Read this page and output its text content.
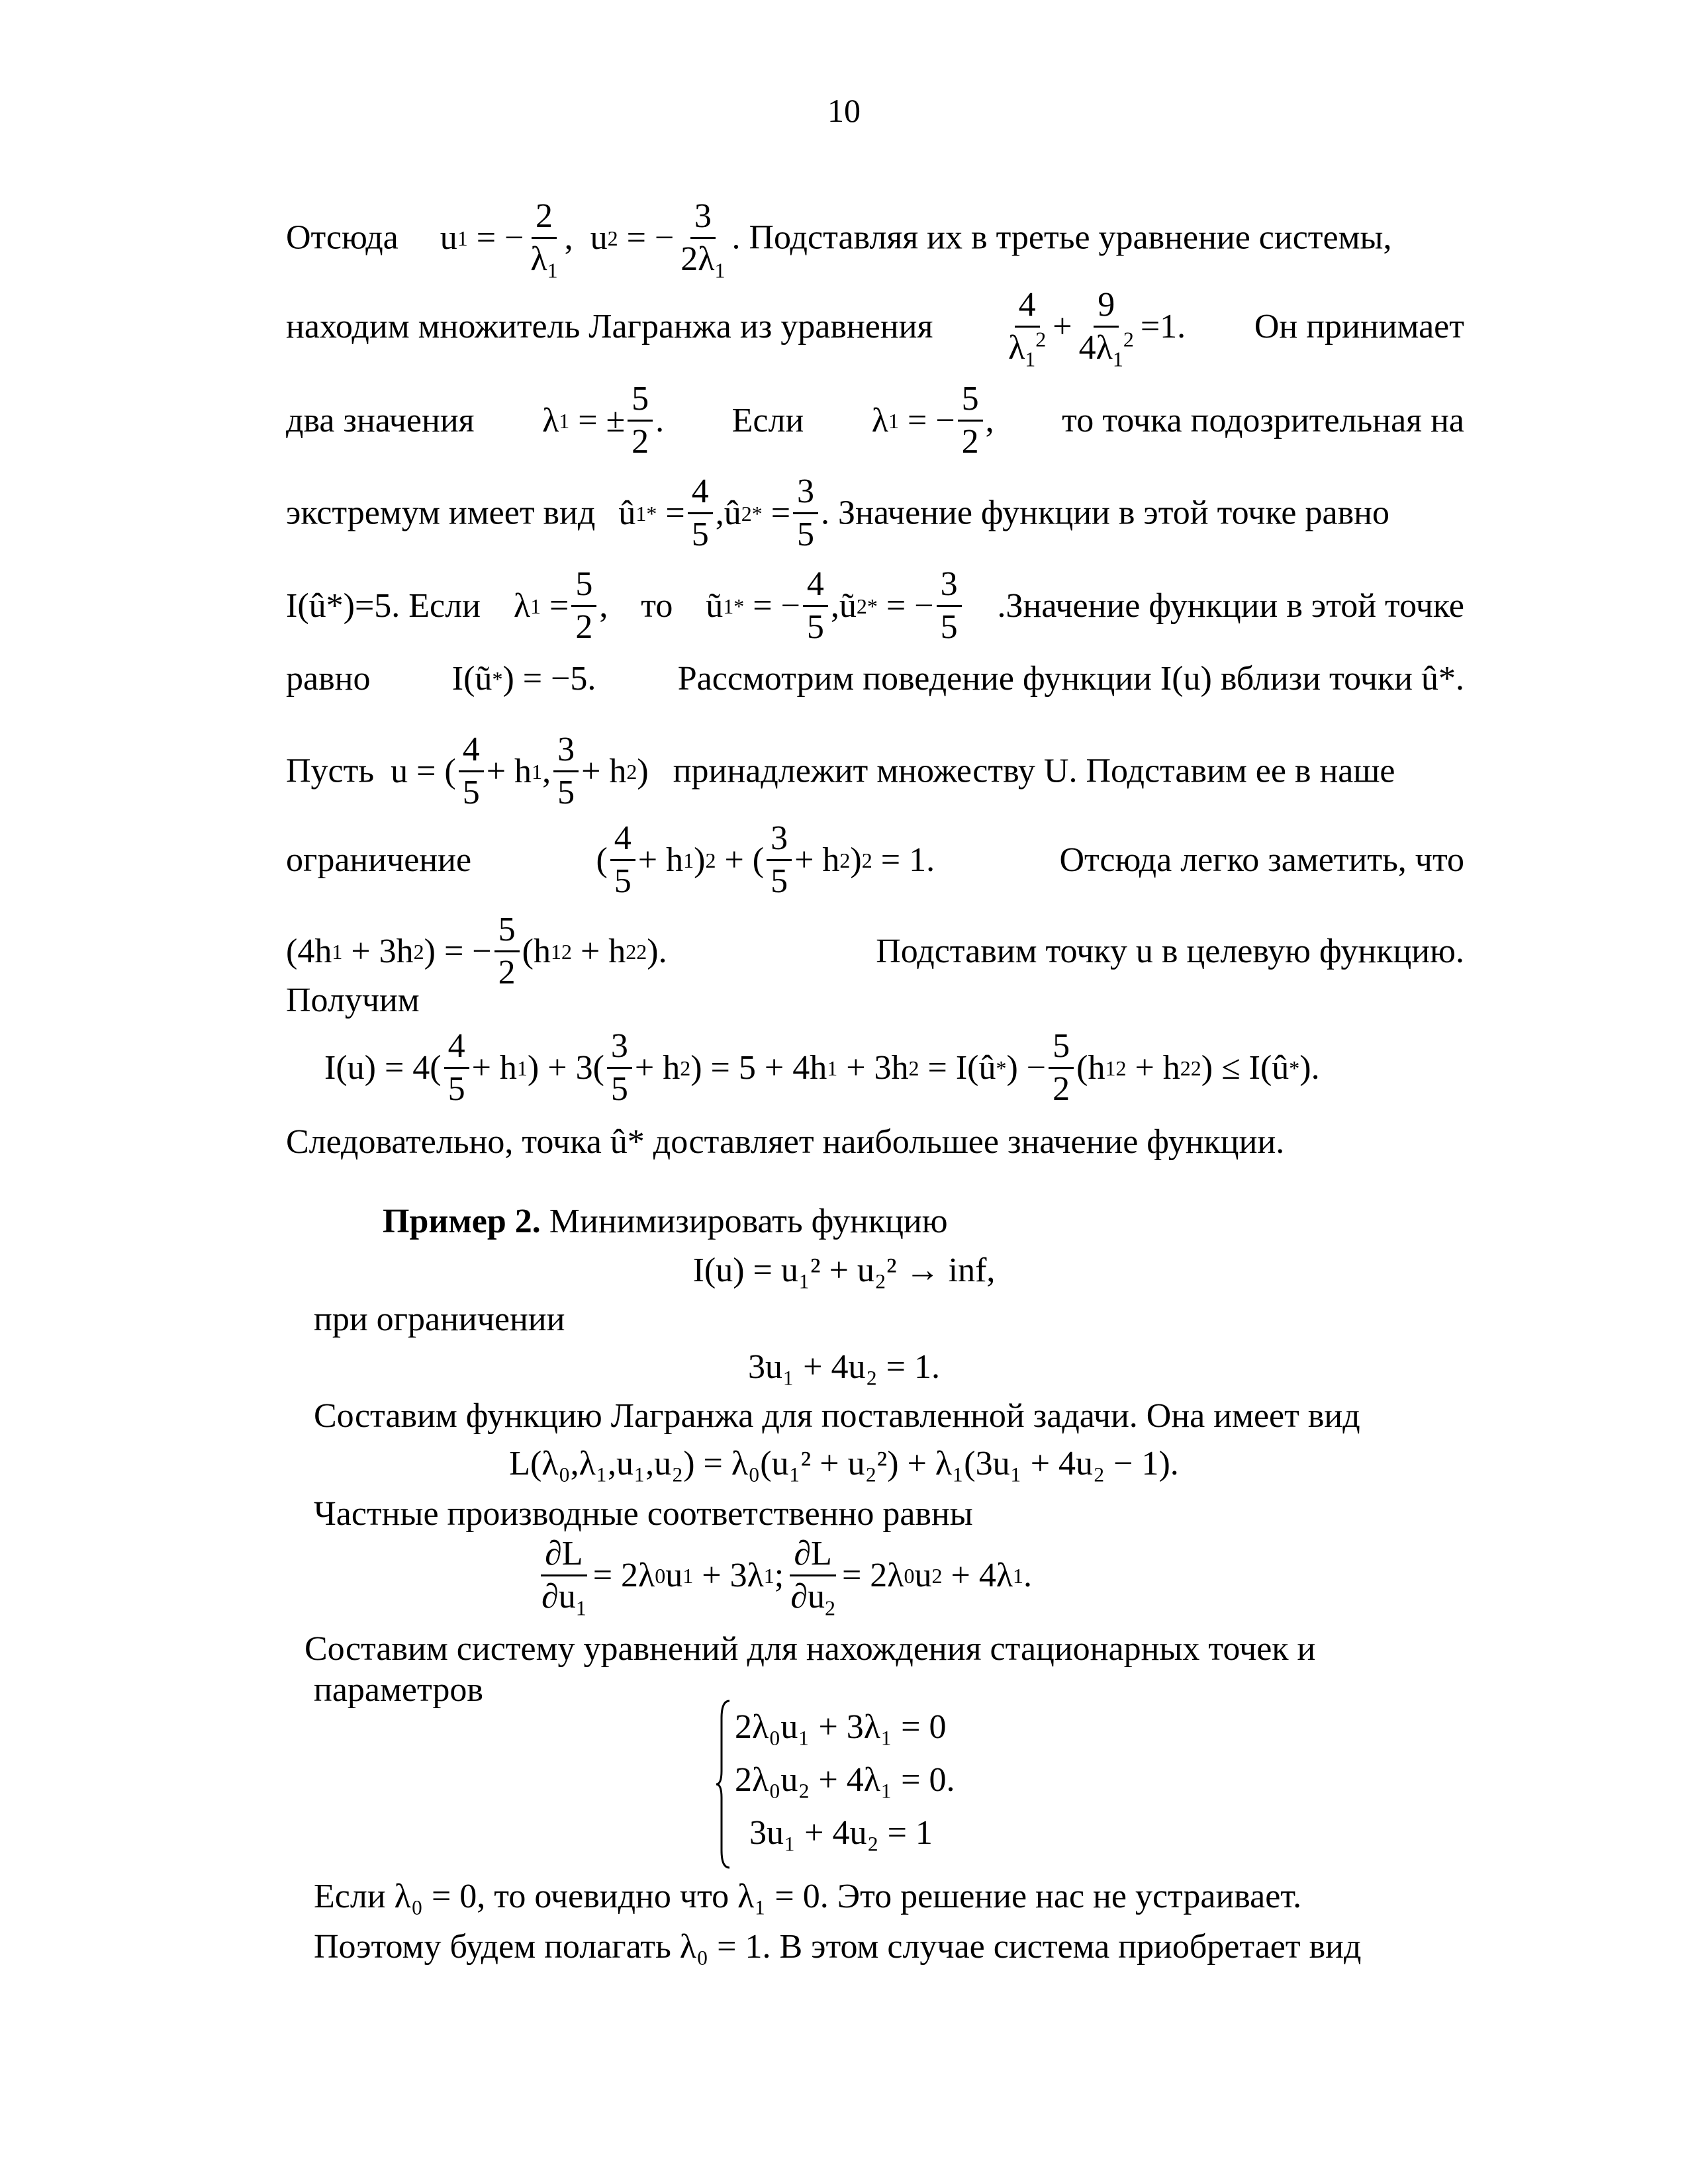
10
Отсюда u 1 = − $\frac{2}{\lambda_1}$ ,  u 2 = − $\frac{3}{2\lambda_1}$ . Подставляя их в третье уравнение системы,
находим множитель Лагранжа из уравнения $\frac{4}{\lambda_1^2} + \frac{9}{4\lambda_1^2} =1$. Он принимает
два значения λ 1 = ± $\frac{5}{2}$ . Если λ 1 = − $\frac{5}{2}$ , то точка подозрительная на
экстремум имеет вид û 1 * = $\frac{4}{5}$ ,û 2 * = $\frac{3}{5}$ . Значение функции в этой точке равно
I(û*)=5. Если λ $1 = \frac{5}{2}$ , то ũ 1 * = − $\frac{4}{5}$ ,ũ 2 * = − $\frac{3}{5}$ .Значение функции в этой точке
равно I(ũ * ) = −5. Рассмотрим поведение функции I(u) вблизи точки û*.
Пусть u = ( $\frac{4}{5} + h$ 1 , $\frac{3}{5} + h$ 2 ) принадлежит множеству U. Подставим ее в наше
ограничение	( $\frac{4}{5} + h$ 1 ) 2 + ( $\frac{3}{5} + h$ 2 ) 2 = 1.	Отсюда легко заметить, что
(4h 1 + 3h 2 ) = − $\frac{5}{2} (h$ 1 2 + h 2 2 ).	Подставим точку u в целевую функцию.
Получим
$I(u) = 4( \frac{4}{5} + h$ 1 ) + $3( \frac{3}{5} + h$ 2 ) = 5 + 4h 1 + 3h 2 = I(û * ) − $\frac{5}{2} (h$ 1 2 + h 2 2 ) ≤ I(û * ).
Следовательно, точка û* доставляет наибольшее значение функции.
Пример 2. Минимизировать функцию
I(u) = u₁² + u₂² → inf,
при ограничении
3u₁ + 4u₂ = 1.
Составим функцию Лагранжа для поставленной задачи. Она имеет вид
L(λ₀,λ₁,u₁,u₂) = λ₀(u₁² + u₂²) + λ₁(3u₁ + 4u₂ − 1).
Частные производные соответственно равны
$\frac{\partial L}{\partial u_1} = 2\lambda$ 0 u 1 + 3λ 1 ; $\frac{\partial L}{\partial u_2} = 2\lambda$ 0 u 2 + 4λ 1 .
Составим систему уравнений для нахождения стационарных точек и
параметров
2λ₀u₁ + 3λ₁ = 0
2λ₀u₂ + 4λ₁ = 0.
3u₁ + 4u₂ = 1
Если λ₀ = 0, то очевидно что λ₁ = 0. Это решение нас не устраивает.
Поэтому будем полагать λ₀ = 1. В этом случае система приобретает вид
